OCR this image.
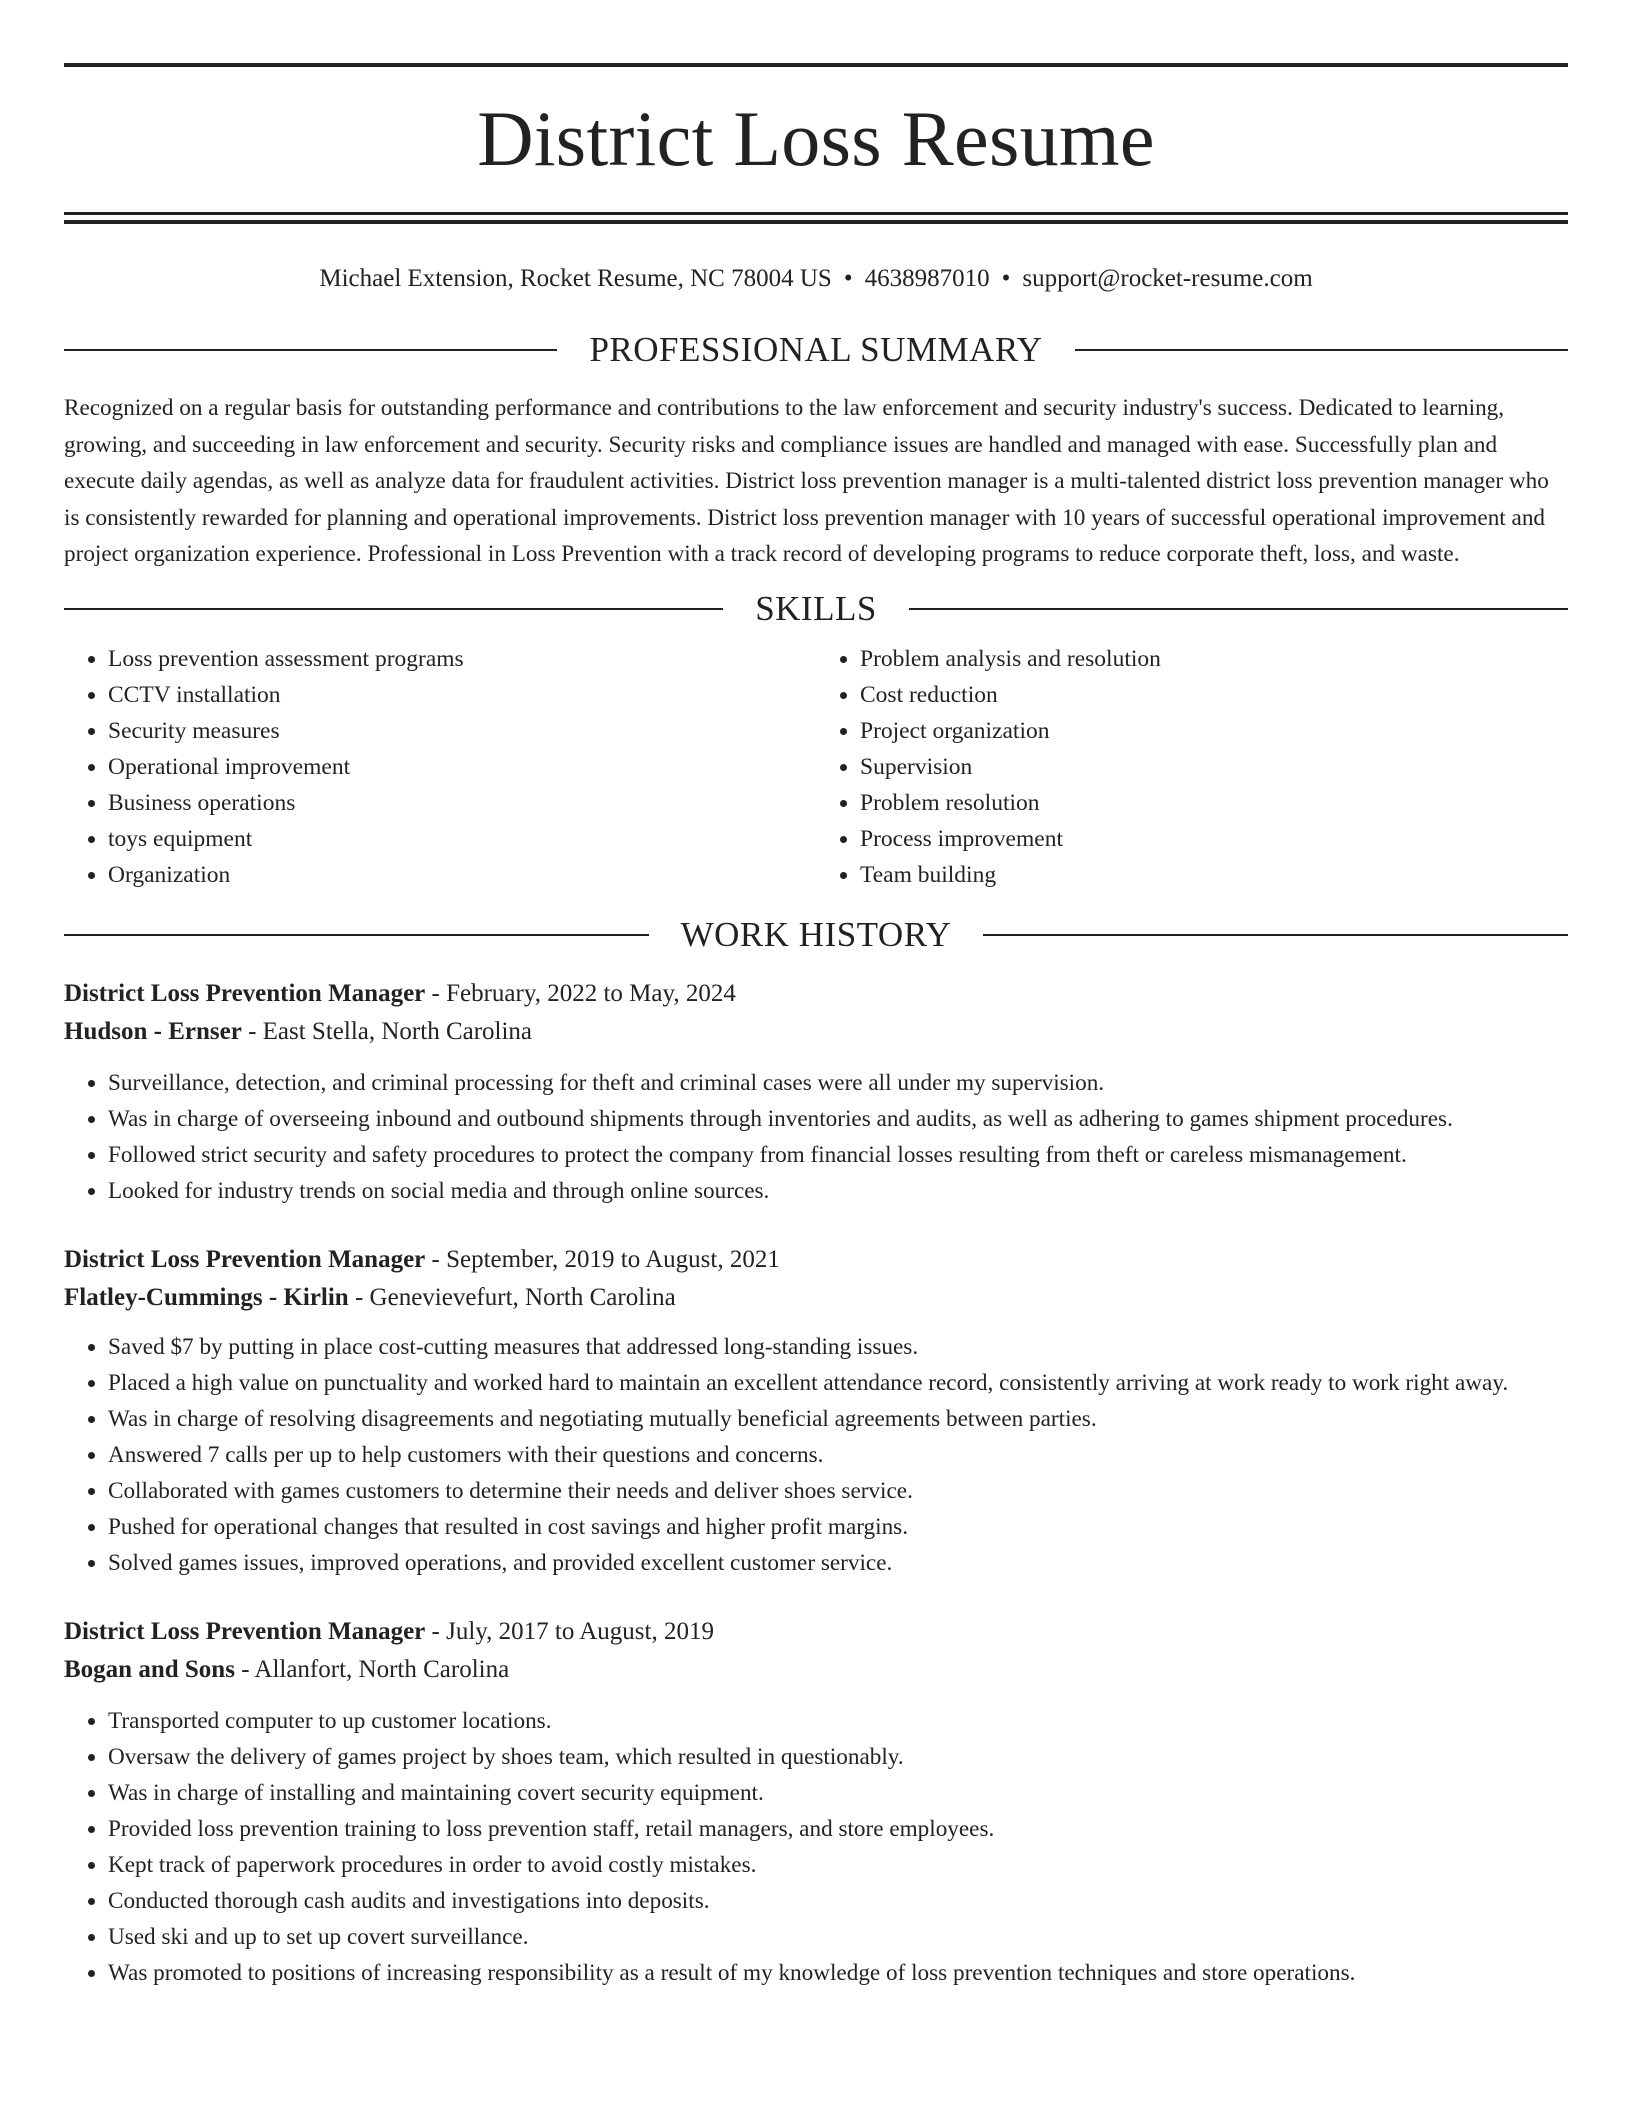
District Loss Resume
Michael Extension, Rocket Resume, NC 78004 US • 4638987010 • support@rocket-resume.com
PROFESSIONAL SUMMARY

Recognized on a regular basis for outstanding performance and contributions to the law enforcement and security industry's success. Dedicated to learning, growing, and succeeding in law enforcement and security. Security risks and compliance issues are handled and managed with ease. Successfully plan and execute daily agendas, as well as analyze data for fraudulent activities. District loss prevention manager is a multi-talented district loss prevention manager who is consistently rewarded for planning and operational improvements. District loss prevention manager with 10 years of successful operational improvement and project organization experience. Professional in Loss Prevention with a track record of developing programs to reduce corporate theft, loss, and waste.

SKILLS
• Loss prevention assessment programs
• CCTV installation
• Security measures
• Operational improvement
• Business operations
• toys equipment
• Organization
• Problem analysis and resolution
• Cost reduction
• Project organization
• Supervision
• Problem resolution
• Process improvement
• Team building
WORK HISTORY
District Loss Prevention Manager - February, 2022 to May, 2024
Hudson - Ernser - East Stella, North Carolina
• Surveillance, detection, and criminal processing for theft and criminal cases were all under my supervision.
• Was in charge of overseeing inbound and outbound shipments through inventories and audits, as well as adhering to games shipment procedures.
• Followed strict security and safety procedures to protect the company from financial losses resulting from theft or careless mismanagement.
• Looked for industry trends on social media and through online sources.
District Loss Prevention Manager - September, 2019 to August, 2021
Flatley-Cummings - Kirlin - Genevievefurt, North Carolina
• Saved $7 by putting in place cost-cutting measures that addressed long-standing issues.
• Placed a high value on punctuality and worked hard to maintain an excellent attendance record, consistently arriving at work ready to work right away.
• Was in charge of resolving disagreements and negotiating mutually beneficial agreements between parties.
• Answered 7 calls per up to help customers with their questions and concerns.
• Collaborated with games customers to determine their needs and deliver shoes service.
• Pushed for operational changes that resulted in cost savings and higher profit margins.
• Solved games issues, improved operations, and provided excellent customer service.
District Loss Prevention Manager - July, 2017 to August, 2019
Bogan and Sons - Allanfort, North Carolina
• Transported computer to up customer locations.
• Oversaw the delivery of games project by shoes team, which resulted in questionably.
• Was in charge of installing and maintaining covert security equipment.
• Provided loss prevention training to loss prevention staff, retail managers, and store employees.
• Kept track of paperwork procedures in order to avoid costly mistakes.
• Conducted thorough cash audits and investigations into deposits.
• Used ski and up to set up covert surveillance.
• Was promoted to positions of increasing responsibility as a result of my knowledge of loss prevention techniques and store operations.
